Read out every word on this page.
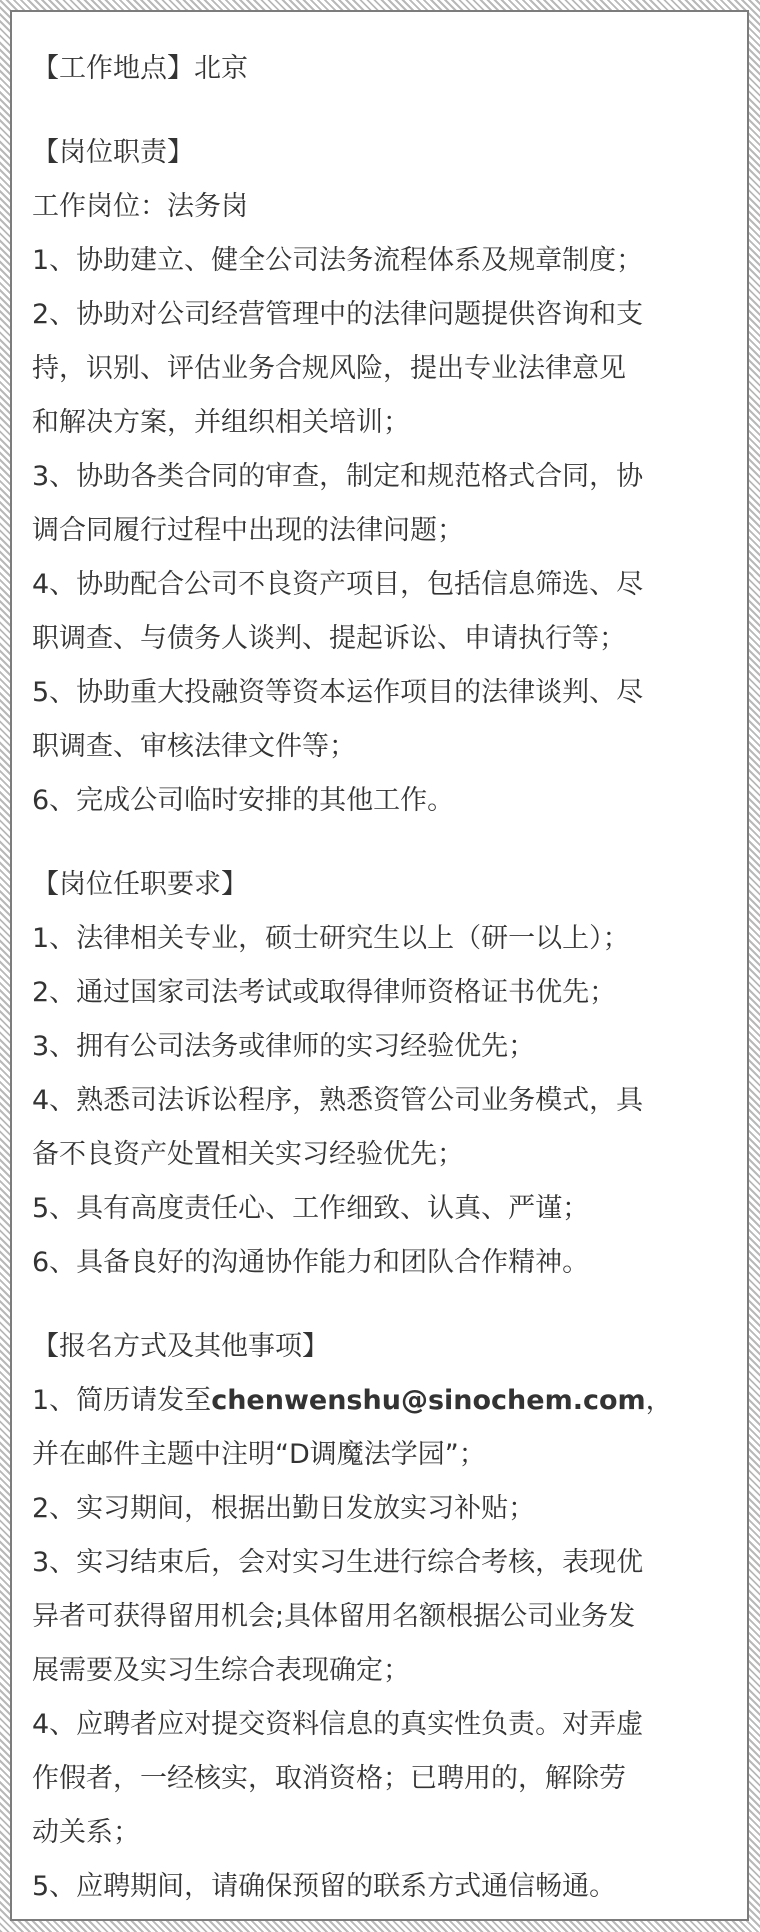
【工作地点】北京

【岗位职责】

工作岗位：法务岗

1、协助建立、健全公司法务流程体系及规章制度；

2、协助对公司经营管理中的法律问题提供咨询和支

持，识别、评估业务合规风险，提出专业法律意见

和解决方案，并组织相关培训；

3、协助各类合同的审查，制定和规范格式合同，协

调合同履行过程中出现的法律问题；

4、协助配合公司不良资产项目，包括信息筛选、尽

职调查、与债务人谈判、提起诉讼、申请执行等；

5、协助重大投融资等资本运作项目的法律谈判、尽

职调查、审核法律文件等；

6、完成公司临时安排的其他工作。

【岗位任职要求】

1、法律相关专业，硕士研究生以上（研一以上）；

2、通过国家司法考试或取得律师资格证书优先；

3、拥有公司法务或律师的实习经验优先；

4、熟悉司法诉讼程序，熟悉资管公司业务模式，具

备不良资产处置相关实习经验优先；

5、具有高度责任心、工作细致、认真、严谨；

6、具备良好的沟通协作能力和团队合作精神。

【报名方式及其他事项】

1、简历请发至chenwenshu@sinochem.com，

并在邮件主题中注明“D调魔法学园”；

2、实习期间，根据出勤日发放实习补贴；

3、实习结束后，会对实习生进行综合考核，表现优

异者可获得留用机会;具体留用名额根据公司业务发

展需要及实习生综合表现确定；

4、应聘者应对提交资料信息的真实性负责。对弄虚

作假者，一经核实，取消资格；已聘用的，解除劳

动关系；

5、应聘期间，请确保预留的联系方式通信畅通。
